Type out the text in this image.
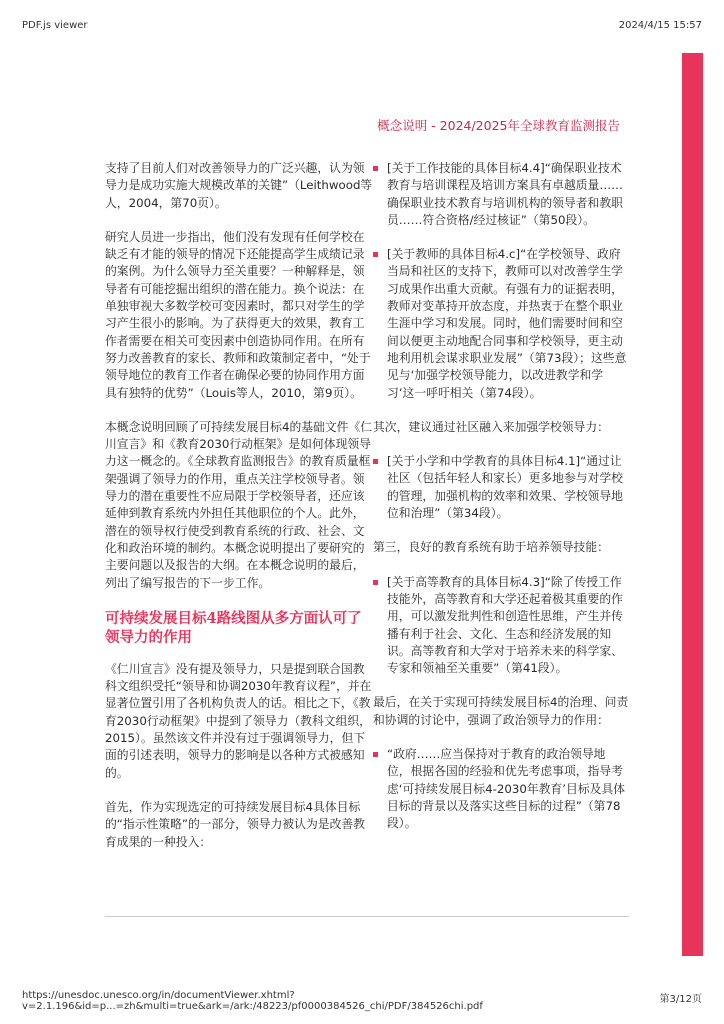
PDF.js viewer	2024/4/15 15:57
概念说明 - 2024/2025年全球教育监测报告

支持了目前人们对改善领导力的广泛兴趣，认为领导力是成功实施大规模改革的关键”（Leithwood等人，2004，第70页）。

研究人员进一步指出，他们没有发现有任何学校在缺乏有才能的领导的情况下还能提高学生成绩记录的案例。为什么领导力至关重要？一种解释是，领导者有可能挖掘出组织的潜在能力。换个说法：在单独审视大多数学校可变因素时，都只对学生的学习产生很小的影响。为了获得更大的效果，教育工作者需要在相关可变因素中创造协同作用。在所有努力改善教育的家长、教师和政策制定者中，“处于领导地位的教育工作者在确保必要的协同作用方面具有独特的优势”（Louis等人，2010，第9页）。

本概念说明回顾了可持续发展目标4的基础文件《仁川宣言》和《教育2030行动框架》是如何体现领导力这一概念的。《全球教育监测报告》的教育质量框架强调了领导力的作用，重点关注学校领导者。领导力的潜在重要性不应局限于学校领导者，还应该延伸到教育系统内外担任其他职位的个人。此外，潜在的领导权行使受到教育系统的行政、社会、文化和政治环境的制约。本概念说明提出了要研究的主要问题以及报告的大纲。在本概念说明的最后，列出了编写报告的下一步工作。

可持续发展目标4路线图从多方面认可了领导力的作用

《仁川宣言》没有提及领导力，只是提到联合国教科文组织受托“领导和协调2030年教育议程”，并在显著位置引用了各机构负责人的话。相比之下，《教育2030行动框架》中提到了领导力（教科文组织，2015）。虽然该文件并没有过于强调领导力，但下面的引述表明，领导力的影响是以各种方式被感知的。

首先，作为实现选定的可持续发展目标4具体目标的“指示性策略”的一部分，领导力被认为是改善教育成果的一种投入：

[关于工作技能的具体目标4.4]“确保职业技术教育与培训课程及培训方案具有卓越质量……确保职业技术教育与培训机构的领导者和教职员……符合资格/经过核证”（第50段）。
[关于教师的具体目标4.c]“在学校领导、政府当局和社区的支持下，教师可以对改善学生学习成果作出重大贡献。有强有力的证据表明，教师对变革持开放态度，并热衷于在整个职业生涯中学习和发展。同时，他们需要时间和空间以便更主动地配合同事和学校领导，更主动地利用机会谋求职业发展”（第73段）；这些意见与‘加强学校领导能力，以改进教学和学习’这一呼吁相关（第74段）。

其次，建议通过社区融入来加强学校领导力：

[关于小学和中学教育的具体目标4.1]“通过让社区（包括年轻人和家长）更多地参与对学校的管理，加强机构的效率和效果、学校领导地位和治理”（第34段）。

第三，良好的教育系统有助于培养领导技能：

[关于高等教育的具体目标4.3]“除了传授工作技能外，高等教育和大学还起着极其重要的作用，可以激发批判性和创造性思维，产生并传播有利于社会、文化、生态和经济发展的知识。高等教育和大学对于培养未来的科学家、专家和领袖至关重要”（第41段）。

最后，在关于实现可持续发展目标4的治理、问责和协调的讨论中，强调了政治领导力的作用：

“政府……应当保持对于教育的政治领导地位，根据各国的经验和优先考虑事项，指导考虑‘可持续发展目标4-2030年教育’目标及具体目标的背景以及落实这些目标的过程”（第78段）。
https://unesdoc.unesco.org/in/documentViewer.xhtml?v=2.1.196&id=p...=zh&multi=true&ark=/ark:/48223/pf0000384526_chi/PDF/384526chi.pdf
第3/12页
